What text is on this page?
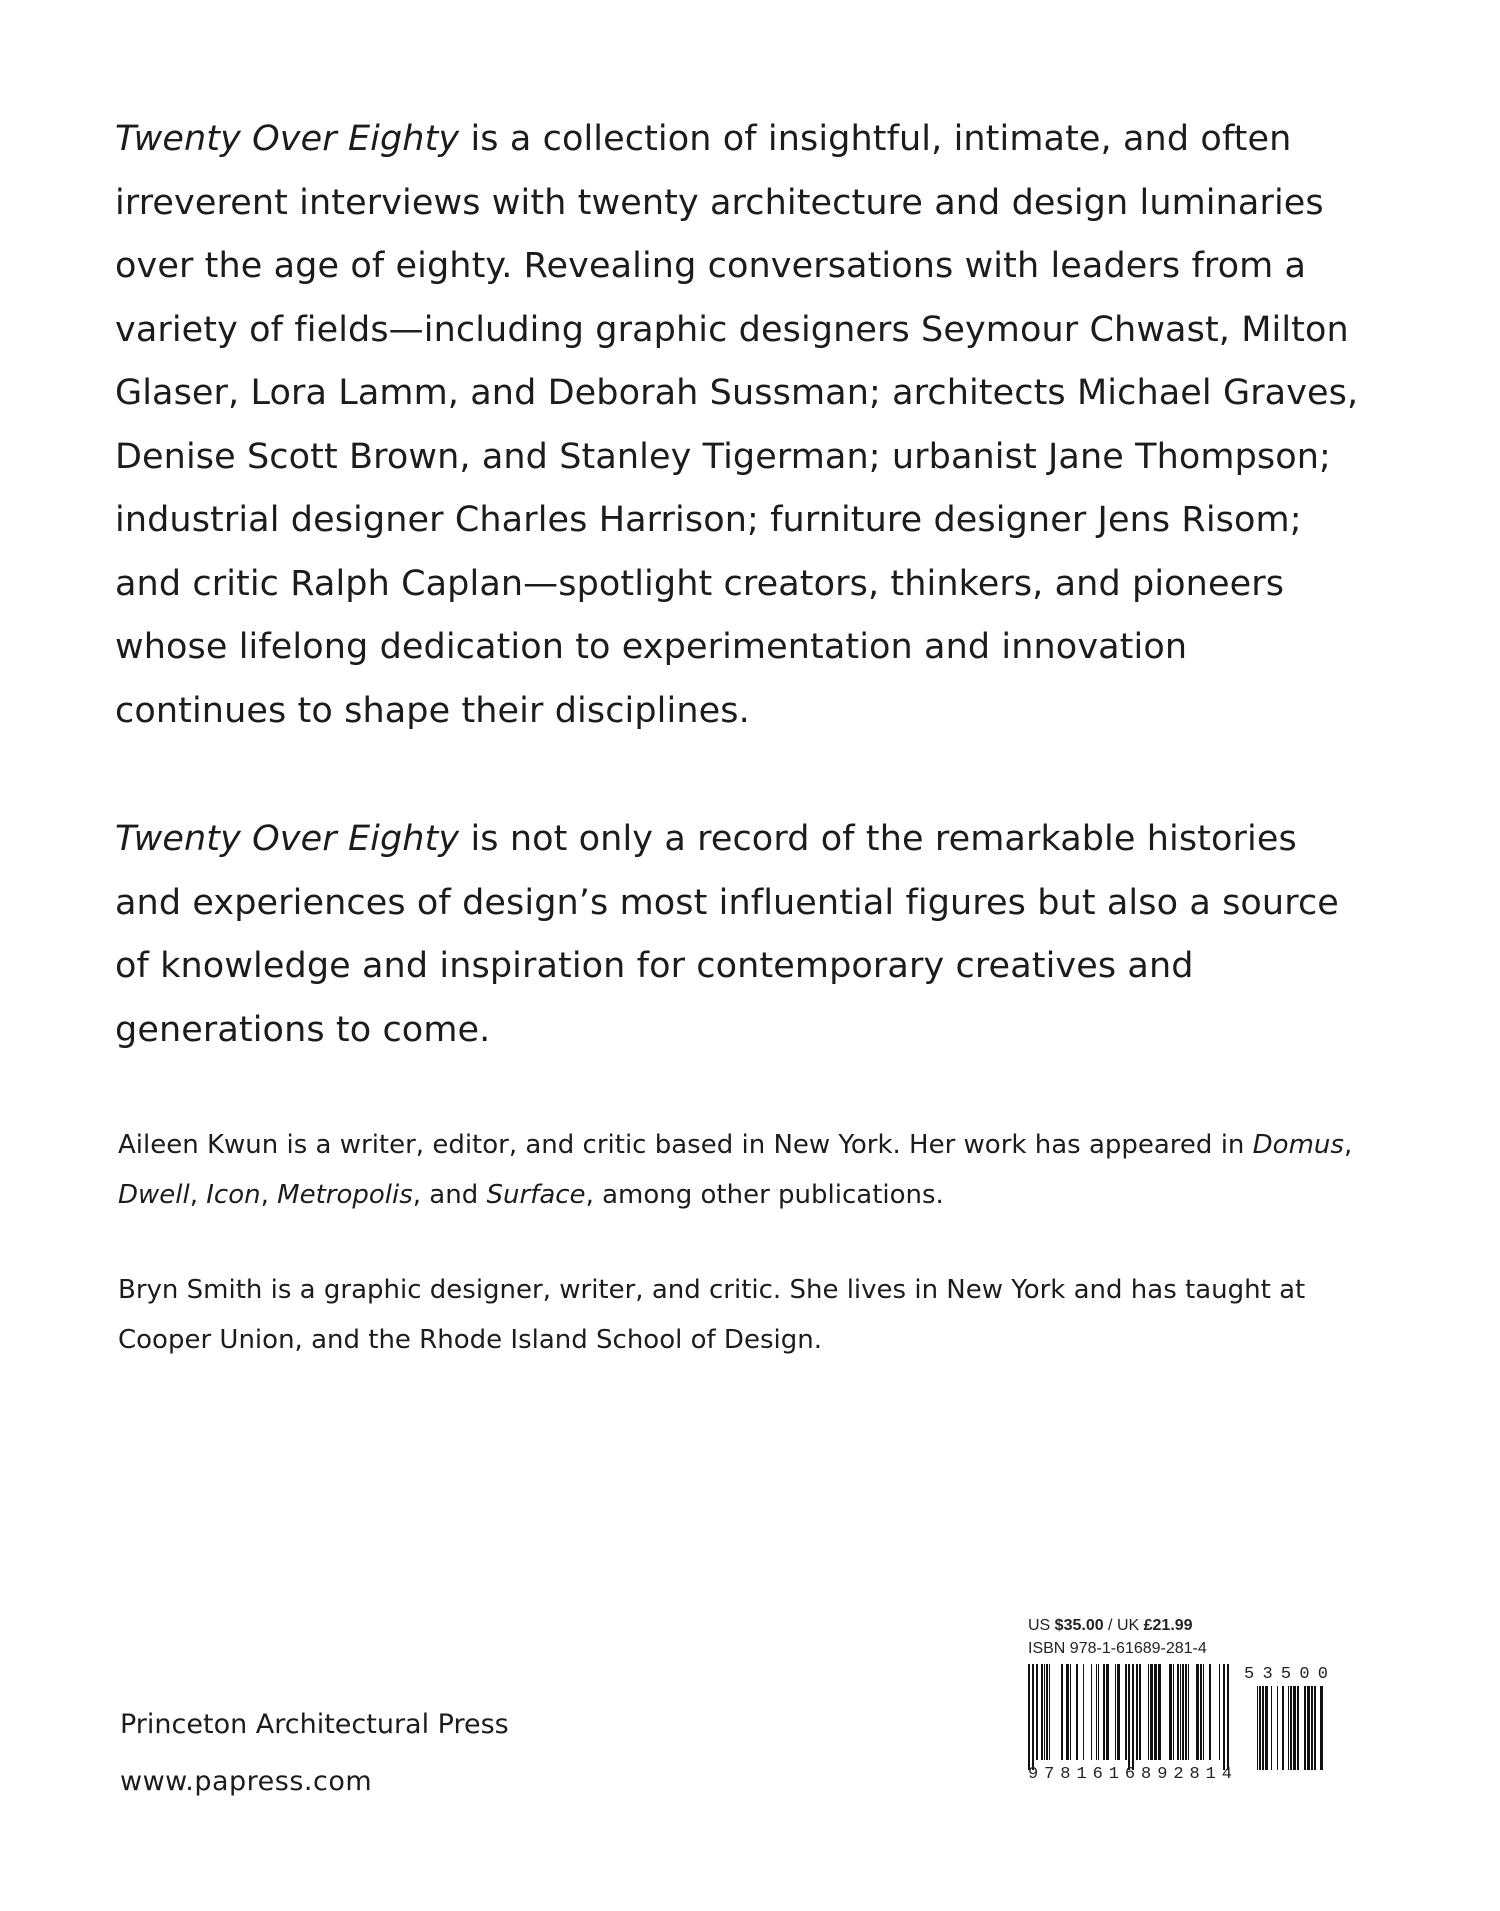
Twenty Over Eighty is a collection of insightful, intimate, and often irreverent interviews with twenty architecture and design luminaries over the age of eighty. Revealing conversations with leaders from a variety of fields—including graphic designers Seymour Chwast, Milton Glaser, Lora Lamm, and Deborah Sussman; architects Michael Graves, Denise Scott Brown, and Stanley Tigerman; urbanist Jane Thompson; industrial designer Charles Harrison; furniture designer Jens Risom; and critic Ralph Caplan—spotlight creators, thinkers, and pioneers whose lifelong dedication to experimentation and innovation continues to shape their disciplines.

Twenty Over Eighty is not only a record of the remarkable histories and experiences of design’s most influential figures but also a source of knowledge and inspiration for contemporary creatives and generations to come.

Aileen Kwun is a writer, editor, and critic based in New York. Her work has appeared in Domus, Dwell, Icon, Metropolis, and Surface, among other publications.

Bryn Smith is a graphic designer, writer, and critic. She lives in New York and has taught at Cooper Union, and the Rhode Island School of Design.

Princeton Architectural Press
www.papress.com
US $35.00 / UK £21.99
ISBN 978-1-61689-281-4
9781616892814
53500
